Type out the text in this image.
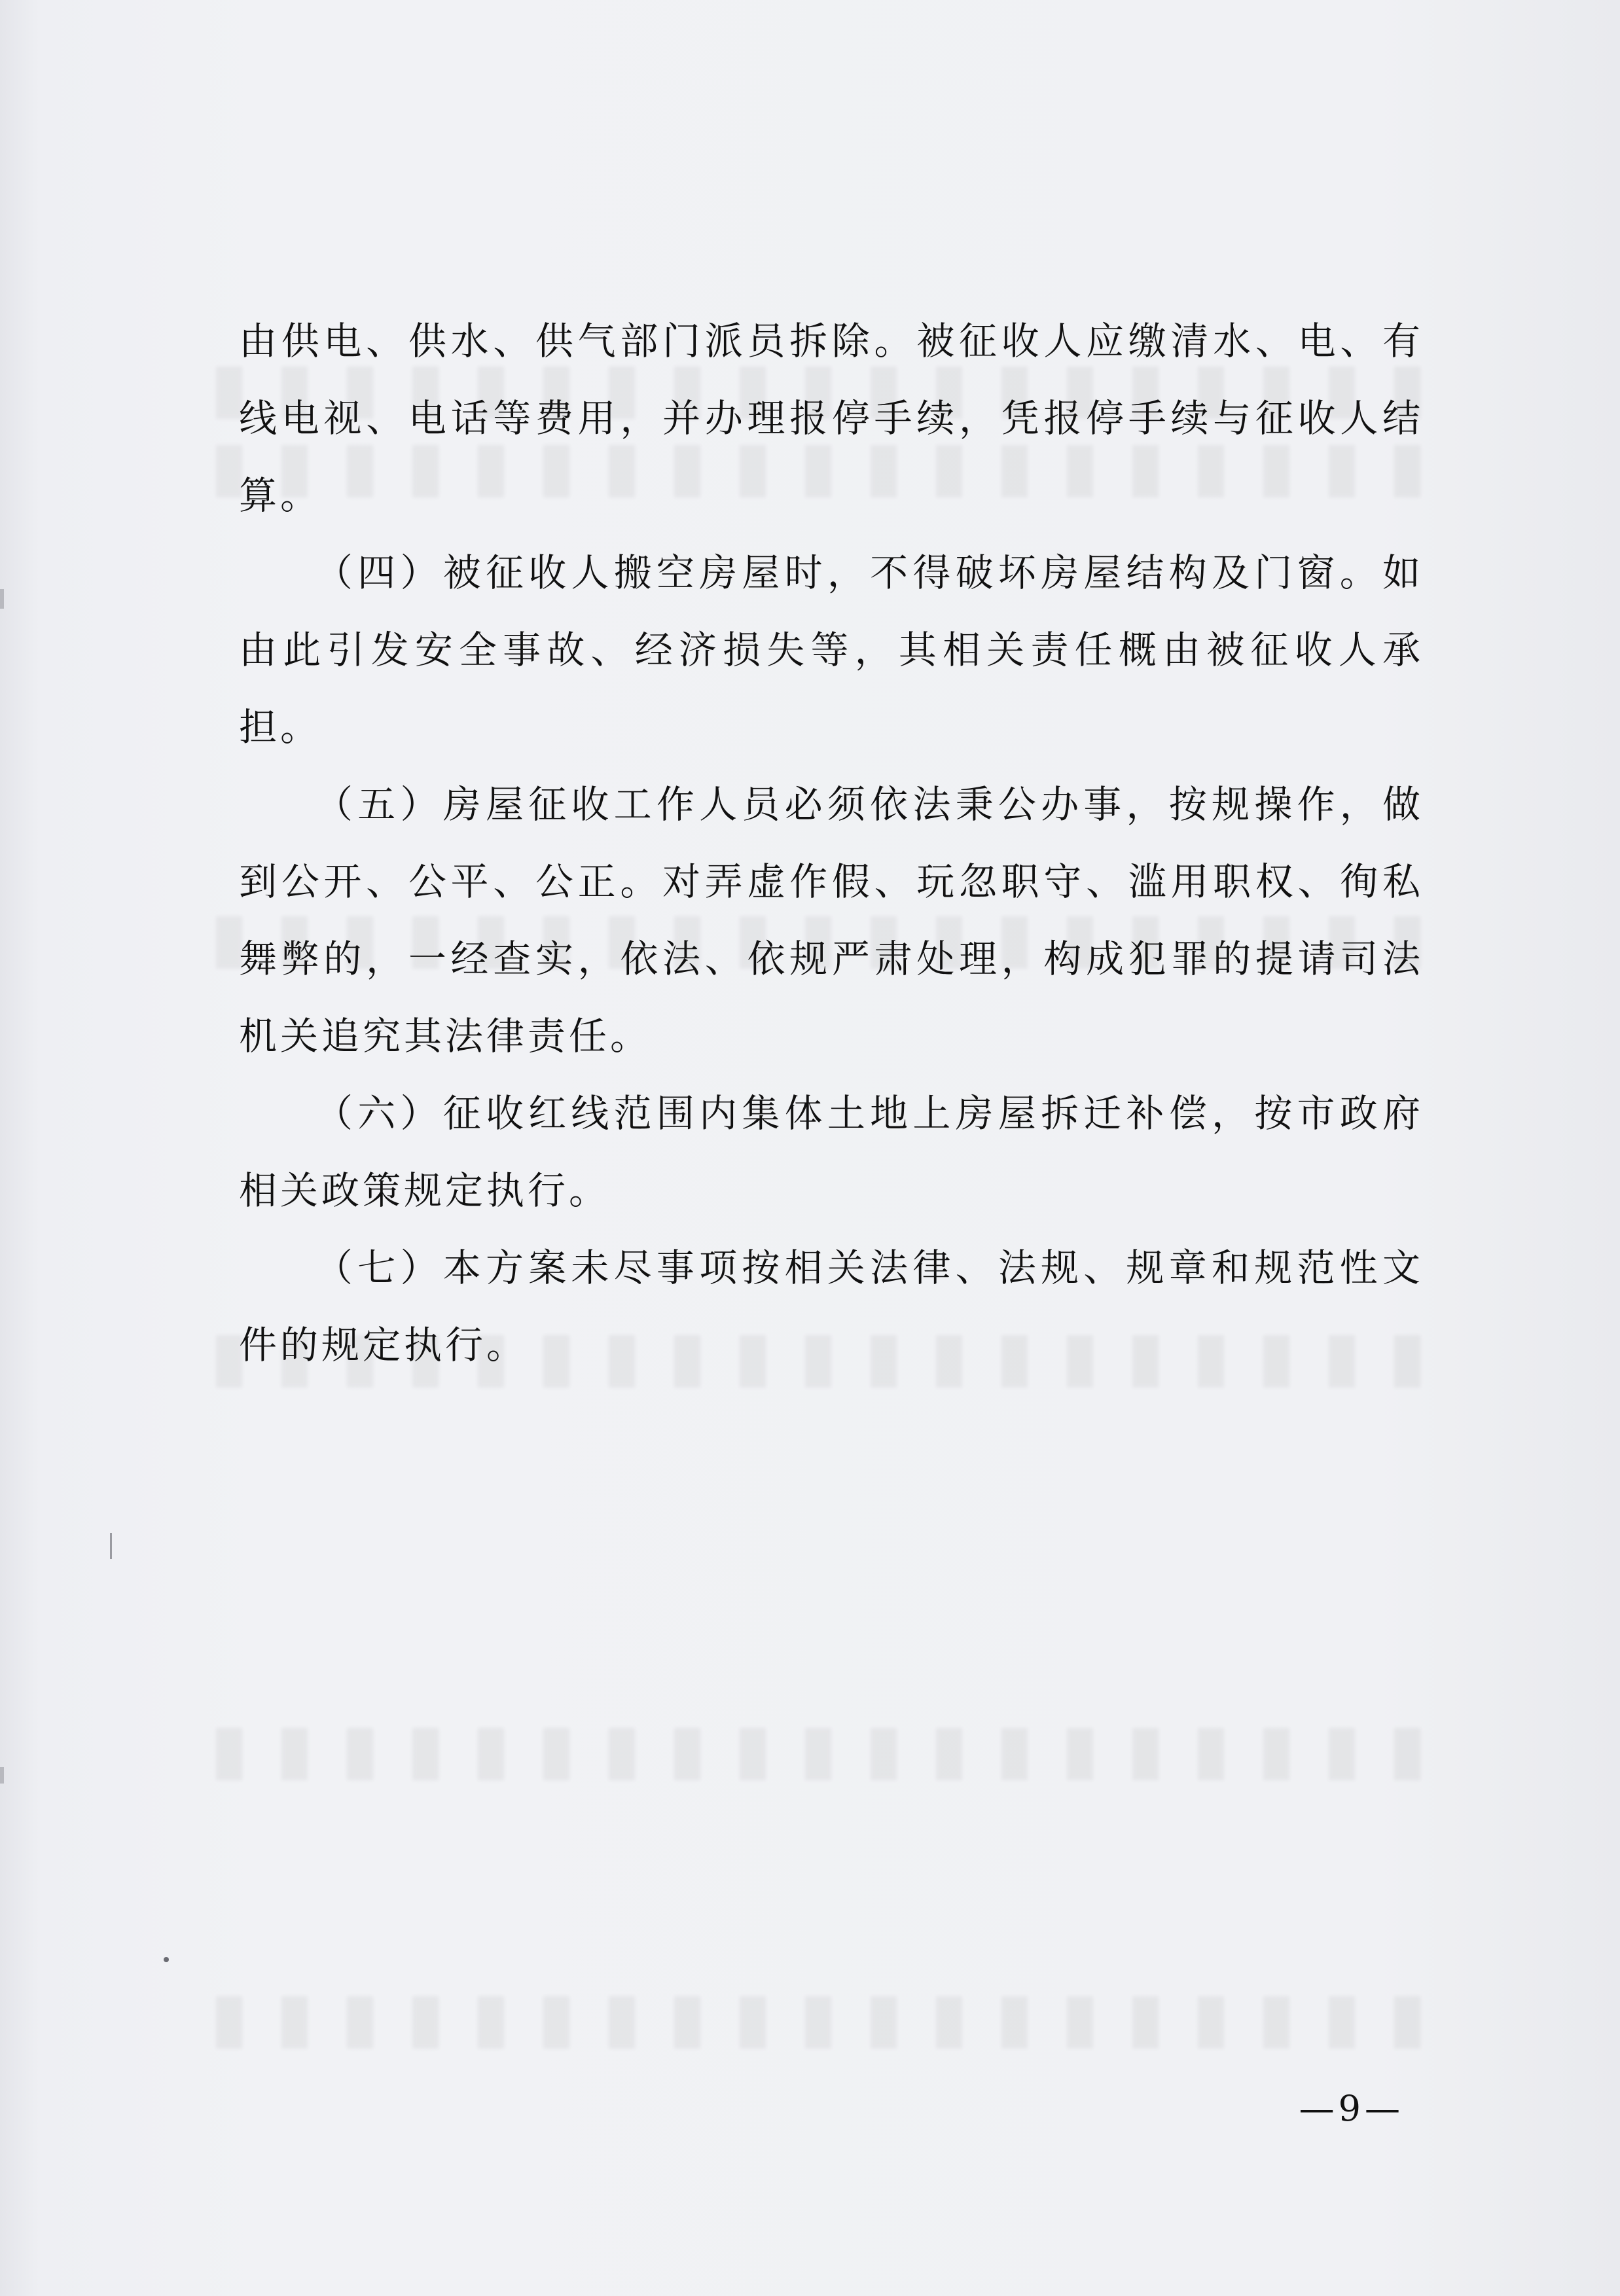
由供电、供水、供气部门派员拆除。被征收人应缴清水、电、有线电视、电话等费用，并办理报停手续，凭报停手续与征收人结算。

（四）被征收人搬空房屋时，不得破坏房屋结构及门窗。如由此引发安全事故、经济损失等，其相关责任概由被征收人承担。

（五）房屋征收工作人员必须依法秉公办事，按规操作，做到公开、公平、公正。对弄虚作假、玩忽职守、滥用职权、徇私舞弊的，一经查实，依法、依规严肃处理，构成犯罪的提请司法机关追究其法律责任。

（六）征收红线范围内集体土地上房屋拆迁补偿，按市政府相关政策规定执行。

（七）本方案未尽事项按相关法律、法规、规章和规范性文件的规定执行。

—9—
